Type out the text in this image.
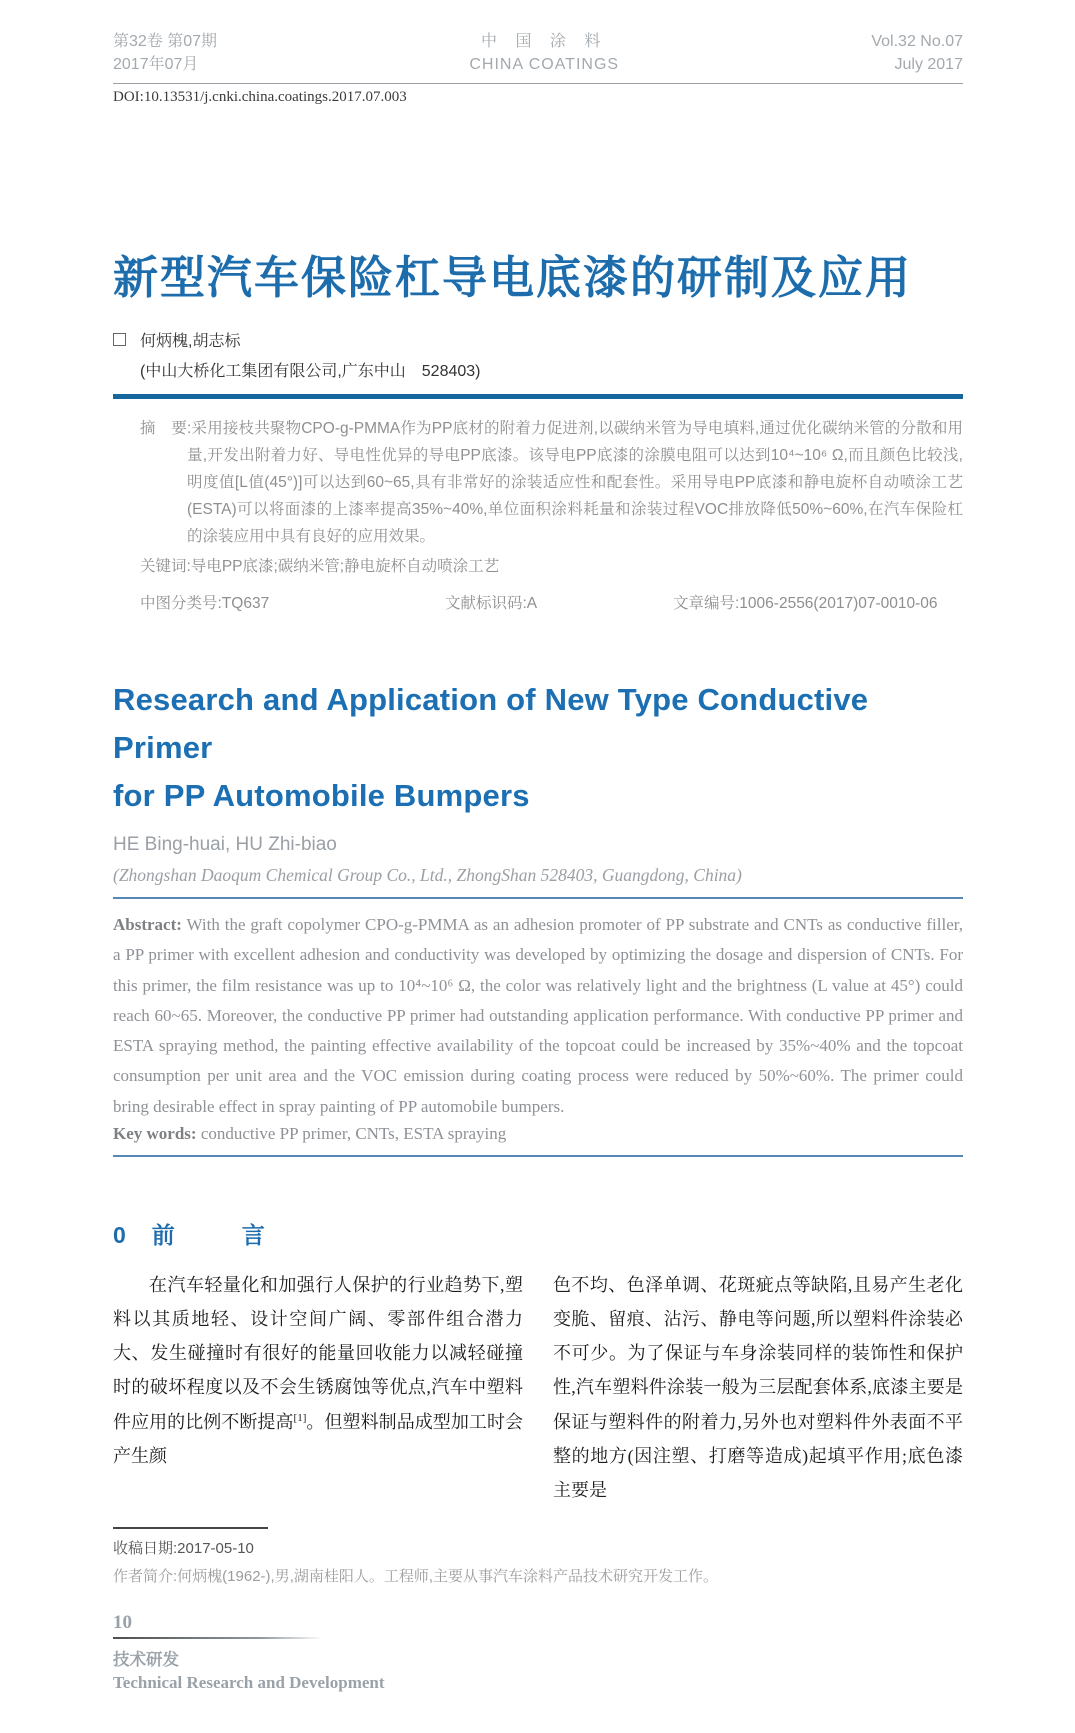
第32卷 第07期
2017年07月
中 国 涂 料
CHINA COATINGS
Vol.32 No.07
July 2017
DOI:10.13531/j.cnki.china.coatings.2017.07.003
新型汽车保险杠导电底漆的研制及应用
何炳槐,胡志标
(中山大桥化工集团有限公司,广东中山　528403)

摘　要:采用接枝共聚物CPO-g-PMMA作为PP底材的附着力促进剂,以碳纳米管为导电填料,通过优化碳纳米管的分散和用量,开发出附着力好、导电性优异的导电PP底漆。该导电PP底漆的涂膜电阻可以达到10⁴~10⁶ Ω,而且颜色比较浅,明度值[L值(45°)]可以达到60~65,具有非常好的涂装适应性和配套性。采用导电PP底漆和静电旋杯自动喷涂工艺(ESTA)可以将面漆的上漆率提高35%~40%,单位面积涂料耗量和涂装过程VOC排放降低50%~60%,在汽车保险杠的涂装应用中具有良好的应用效果。

关键词:导电PP底漆;碳纳米管;静电旋杯自动喷涂工艺

中图分类号:TQ637	文献标识码:A	文章编号:1006-2556(2017)07-0010-06
Research and Application of New Type Conductive Primer
for PP Automobile Bumpers
HE Bing-huai, HU Zhi-biao
(Zhongshan Daoqum Chemical Group Co., Ltd., ZhongShan 528403, Guangdong, China)

Abstract: With the graft copolymer CPO-g-PMMA as an adhesion promoter of PP substrate and CNTs as conductive filler, a PP primer with excellent adhesion and conductivity was developed by optimizing the dosage and dispersion of CNTs. For this primer, the film resistance was up to 10⁴~10⁶ Ω, the color was relatively light and the brightness (L value at 45°) could reach 60~65. Moreover, the conductive PP primer had outstanding application performance. With conductive PP primer and ESTA spraying method, the painting effective availability of the topcoat could be increased by 35%~40% and the topcoat consumption per unit area and the VOC emission during coating process were reduced by 50%~60%. The primer could bring desirable effect in spray painting of PP automobile bumpers.

Key words: conductive PP primer, CNTs, ESTA spraying

0 前　言

在汽车轻量化和加强行人保护的行业趋势下,塑料以其质地轻、设计空间广阔、零部件组合潜力大、发生碰撞时有很好的能量回收能力以减轻碰撞时的破坏程度以及不会生锈腐蚀等优点,汽车中塑料件应用的比例不断提高[1]。但塑料制品成型加工时会产生颜

色不均、色泽单调、花斑疵点等缺陷,且易产生老化变脆、留痕、沾污、静电等问题,所以塑料件涂装必不可少。为了保证与车身涂装同样的装饰性和保护性,汽车塑料件涂装一般为三层配套体系,底漆主要是保证与塑料件的附着力,另外也对塑料件外表面不平整的地方(因注塑、打磨等造成)起填平作用;底色漆主要是

收稿日期:2017-05-10
作者简介:何炳槐(1962-),男,湖南桂阳人。工程师,主要从事汽车涂料产品技术研究开发工作。
10
技术研发
Technical Research and Development
